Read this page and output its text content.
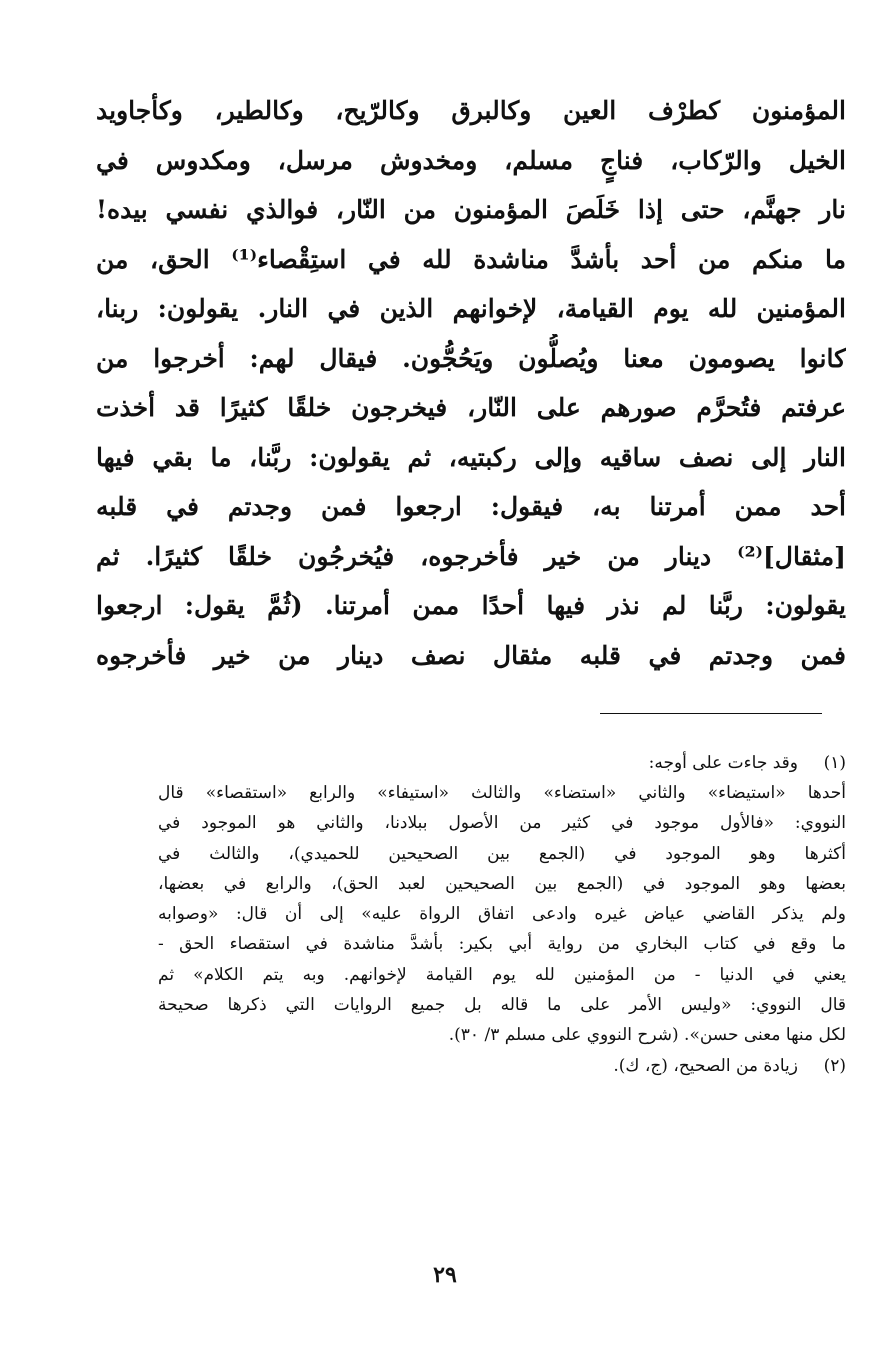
المؤمنون كطرْف العين وكالبرق وكالرّيح، وكالطير، وكأجاويد
الخيل والرّكاب، فناجٍ مسلم، ومخدوش مرسل، ومكدوس في
نار جهنَّم، حتى إذا خَلَصَ المؤمنون من النّار، فوالذي نفسي بيده!
ما منكم من أحد بأشدَّ مناشدة لله في استِقْصاء⁽¹⁾ الحق، من
المؤمنين لله يوم القيامة، لإخوانهم الذين في النار. يقولون: ربنا،
كانوا يصومون معنا ويُصلُّون ويَحُجُّون. فيقال لهم: أخرجوا من
عرفتم فتُحرَّم صورهم على النّار، فيخرجون خلقًا كثيرًا قد أخذت
النار إلى نصف ساقيه وإلى ركبتيه، ثم يقولون: ربَّنا، ما بقي فيها
أحد ممن أمرتنا به، فيقول: ارجعوا فمن وجدتم في قلبه
[مثقال]⁽²⁾ دينار من خير فأخرجوه، فيُخرجُون خلقًا كثيرًا. ثم
يقولون: ربَّنا لم نذر فيها أحدًا ممن أمرتنا. (ثُمَّ يقول: ارجعوا
فمن وجدتم في قلبه مثقال نصف دينار من خير فأخرجوه
(١)
وقد جاءت على أوجه:
أحدها «استيضاء» والثاني «استضاء» والثالث «استيفاء» والرابع «استقصاء» قال
النووي: «فالأول موجود في كثير من الأصول ببلادنا، والثاني هو الموجود في
أكثرها وهو الموجود في (الجمع بين الصحيحين للحميدي)، والثالث في
بعضها وهو الموجود في (الجمع بين الصحيحين لعبد الحق)، والرابع في بعضها،
ولم يذكر القاضي عياض غيره وادعى اتفاق الرواة عليه» إلى أن قال: «وصوابه
ما وقع في كتاب البخاري من رواية أبي بكير: بأشدَّ مناشدة في استقصاء الحق -
يعني في الدنيا - من المؤمنين لله يوم القيامة لإخوانهم. وبه يتم الكلام» ثم
قال النووي: «وليس الأمر على ما قاله بل جميع الروايات التي ذكرها صحيحة
لكل منها معنى حسن». (شرح النووي على مسلم ٣/ ٣٠).
(٢)
زيادة من الصحيح، (ج، ك).
٢٩
